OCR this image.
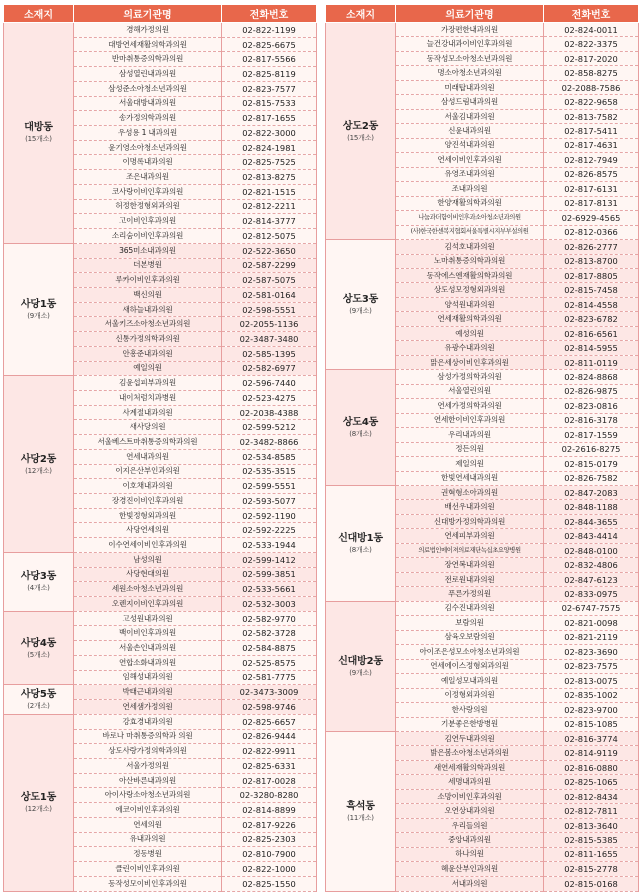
소재지	의료기관명	전화번호

대방동
(15개소)	경해가정의원	02-822-1199
	대방연세재활의학과의원	02-825-6675
	반마취통증의학과의원	02-817-5566
	삼성열린내과의원	02-825-8119
	삼성준소아청소년과의원	02-823-7577
	서울대방내과의원	02-815-7533
	송가정의학과의원	02-817-1655
	우성용 1 내과의원	02-822-3000
	윤기영소아청소년과의원	02-824-1981
	이명록내과의원	02-825-7525
	조은내과의원	02-813-8275
	코사랑이비인후과의원	02-821-1515
	허정한정형외과의원	02-812-2211
	고이비인후과의원	02-814-3777
	소리숨이비인후과의원	02-812-5075

사당1동
(9개소)	365미소내과의원	02-522-3650
	더본병원	02-587-2299
	루카이비인후과의원	02-587-5075
	백신의원	02-581-0164
	새하늘내과의원	02-598-5551
	서울키즈소아청소년과의원	02-2055-1136
	신통가정의학과의원	02-3487-3480
	안흥준내과의원	02-585-1395
	예일의원	02-582-6977

사당2동
(12개소)	김윤섭피부과의원	02-596-7440
	내이처럼치과병원	02-523-4275
	사계절내과의원	02-2038-4388
	새사당의원	02-599-5212
	서울베스트마취통증의학과의원	02-3482-8866
	연세내과의원	02-534-8585
	이지은산부인과의원	02-535-3515
	이호채내과의원	02-599-5551
	장경진이비인후과의원	02-593-5077
	한빛정형외과의원	02-592-1190
	사당연세의원	02-592-2225
	이수연세이비인후과의원	02-533-1944

사당3동
(4개소)	남성의원	02-599-1412
	사당현대의원	02-599-3851
	세원소아청소년과의원	02-533-5661
	오렌지이비인후과의원	02-532-3003

사당4동
(5개소)	고성원내과의원	02-582-9770
	백이비인후과의원	02-582-3728
	서울손인내과의원	02-584-8875
	연합소화내과의원	02-525-8575
	임해성내과의원	02-581-7775

사당5동
(2개소)	박태근내과의원	02-3473-3009
	연세샘가정의원	02-598-9746

상도1동
(12개소)	강효경내과의원	02-825-6657
	바로나 마취통증의학과 의원	02-826-9444
	상도사랑가정의학과의원	02-822-9911
	서울가정의원	02-825-6331
	아산바른내과의원	02-817-0028
	아이사랑소아청소년과의원	02-3280-8280
	에코이비인후과의원	02-814-8899
	연세의원	02-817-9226
	유내과의원	02-825-2303
	정동병원	02-810-7900
	클린이비인후과의원	02-822-1000
	동작성모이비인후과의원	02-825-1550
소재지	의료기관명	전화번호

상도2동
(15개소)	가장편한내과의원	02-824-0011
	늘건강내과이비인후과의원	02-822-3375
	동작성모소아청소년과의원	02-817-2020
	명소아청소년과의원	02-858-8275
	미래탑내과의원	02-2088-7586
	삼성드림내과의원	02-822-9658
	서울김내과의원	02-813-7582
	신윤내과의원	02-817-5411
	양진석내과의원	02-817-4631
	연세이비인후과의원	02-812-7949
	유영조내과의원	02-826-8575
	조내과의원	02-817-6131
	한양재활의학과의원	02-817-8131
	나눔과더함이비인후과소아청소년과의원	02-6929-4565
	(사)한국한센복지협회서울특별시지부부설의원	02-812-0366

상도3동
(9개소)	김석호내과의원	02-826-2777
	노마취통증의학과의원	02-813-8700
	동작에스엔재활의학과의원	02-817-8805
	상도성모정형외과의원	02-815-7458
	양석원내과의원	02-814-4558
	연세재활의학과의원	02-823-6782
	예성의원	02-816-6561
	유광수내과의원	02-814-5955
	맑은세상이비인후과의원	02-811-0119

상도4동
(8개소)	삼성가정의학과의원	02-824-8868
	서울열린의원	02-826-9875
	연세가정의학과의원	02-823-0816
	연세한이비인후과의원	02-816-3178
	우리내과의원	02-817-1559
	정든의원	02-2616-8275
	제일의원	02-815-0179
	한빛연세내과의원	02-826-7582

신대방1동
(8개소)	권혁형소아과의원	02-847-2083
	배선우내과의원	02-848-1188
	신대방가정의학과의원	02-844-3655
	연세피부과의원	02-843-4414
	의료법인메이져의료재단녹십초요양병원	02-848-0100
	장연복내과의원	02-832-4806
	전로원내과의원	02-847-6123
	푸른가정의원	02-833-0975

신대방2동
(9개소)	김수진내과의원	02-6747-7575
	보람의원	02-821-0098
	삼육오보람의원	02-821-2119
	아이조은성모소아청소년과의원	02-823-3690
	연세에이스정형외과의원	02-823-7575
	예일성모내과의원	02-813-0075
	이정형외과의원	02-835-1002
	한사랑의원	02-823-9700
	기분좋은한방병원	02-815-1085

흑석동
(11개소)	김연두내과의원	02-816-3774
	밝은봄소아청소년과의원	02-814-9119
	새연세재활의학과의원	02-816-0880
	세명내과의원	02-825-1065
	소망이비인후과의원	02-812-8434
	오연상내과의원	02-812-7811
	우리들의원	02-813-3640
	중앙내과의원	02-815-5385
	하나의원	02-811-1655
	혜윤산부인과의원	02-815-2778
	서내과의원	02-815-0168
